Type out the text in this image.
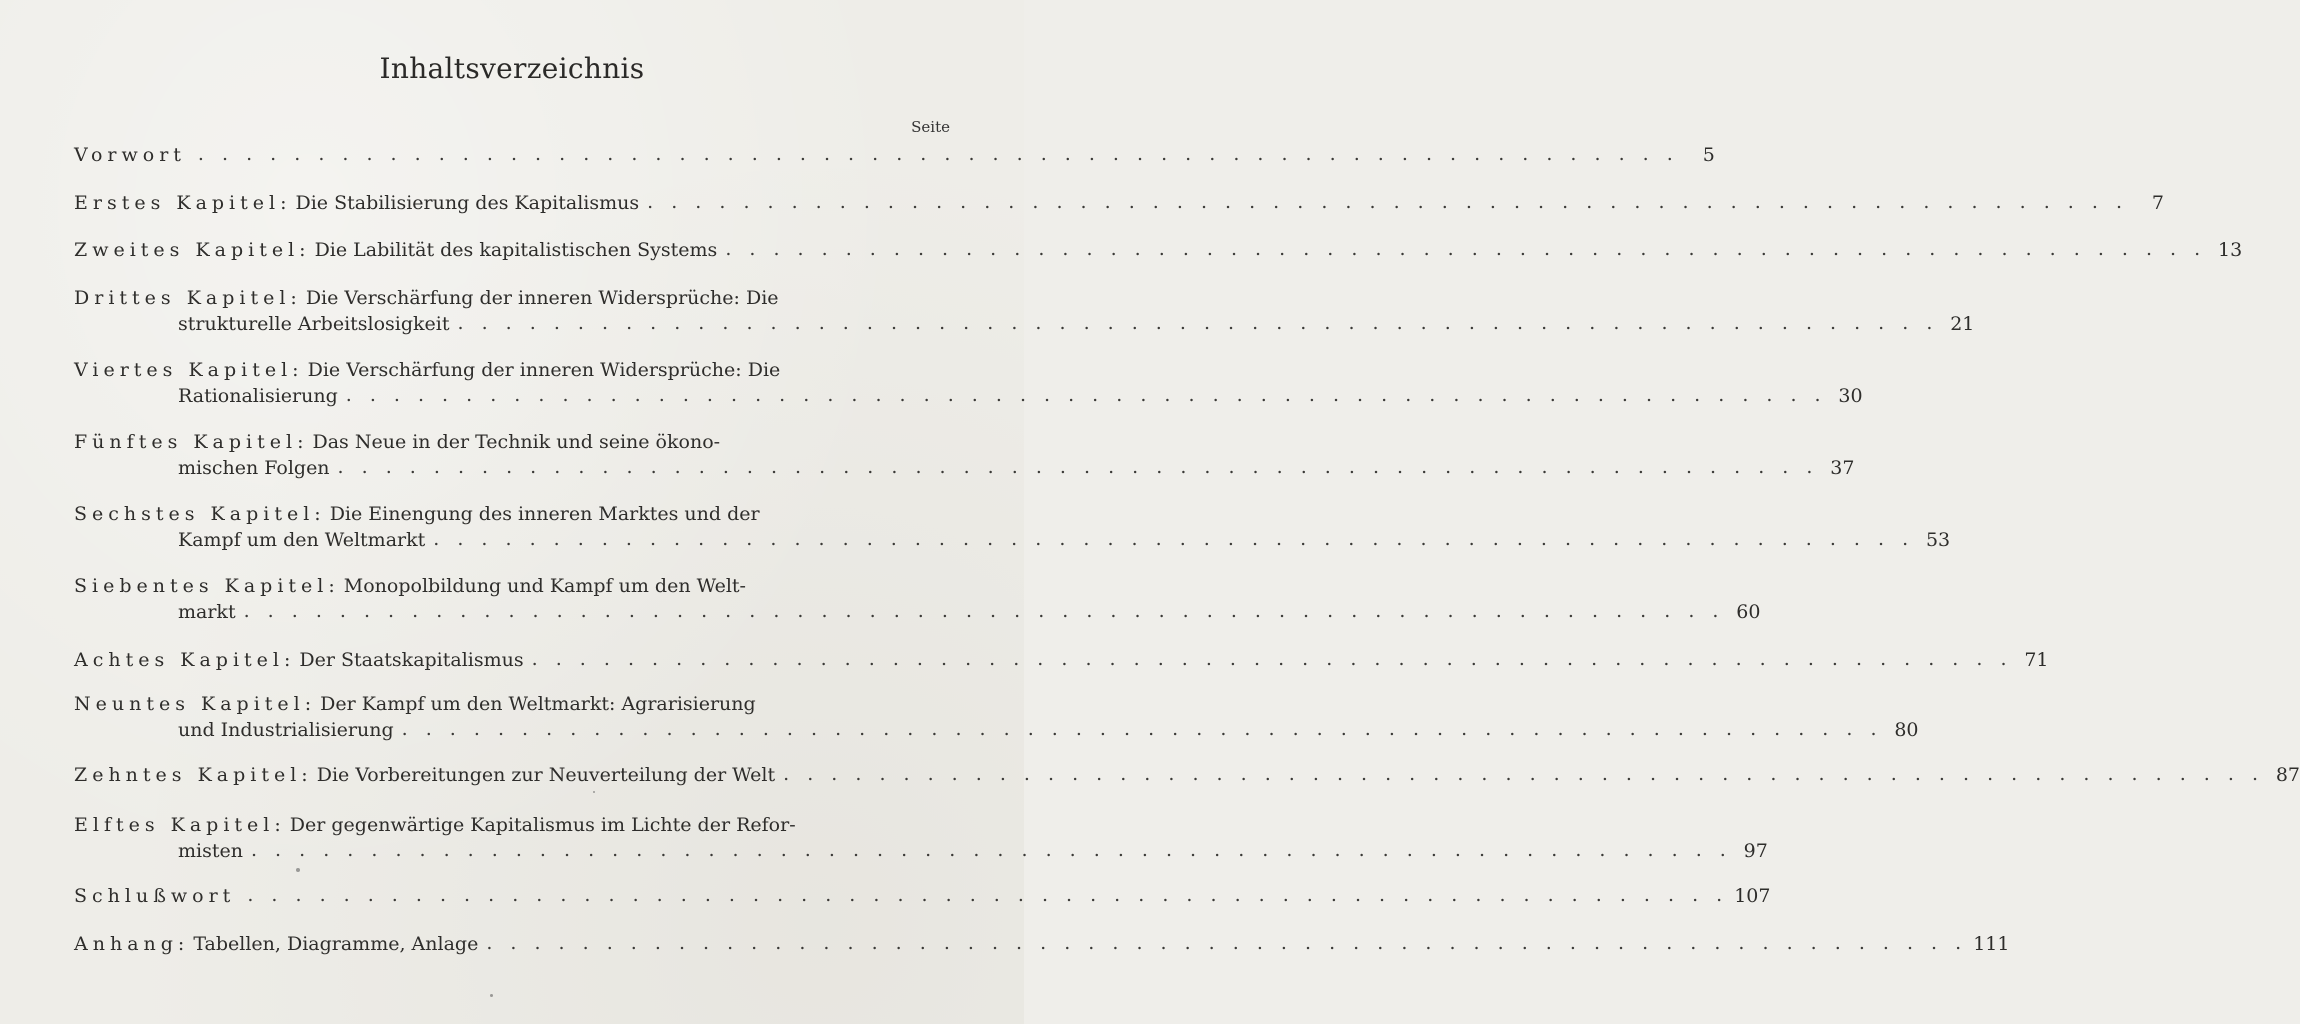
Inhaltsverzeichnis
Seite
Vorwort . . .	5
Erstes Kapitel: Die Stabilisierung des Kapitalismus . . .	7
Zweites Kapitel: Die Labilität des kapitalistischen Systems . . .	13
Drittes Kapitel: Die Verschärfung der inneren Widersprüche: Die
strukturelle Arbeitslosigkeit . . .	21
Viertes Kapitel: Die Verschärfung der inneren Widersprüche: Die
Rationalisierung . . .	30
Fünftes Kapitel: Das Neue in der Technik und seine ökono-
mischen Folgen . . .	37
Sechstes Kapitel: Die Einengung des inneren Marktes und der
Kampf um den Weltmarkt . . .	53
Siebentes Kapitel: Monopolbildung und Kampf um den Welt-
markt . . .	60
Achtes Kapitel: Der Staatskapitalismus . . .	71
Neuntes Kapitel: Der Kampf um den Weltmarkt: Agrarisierung
und Industrialisierung . . .	80
Zehntes Kapitel: Die Vorbereitungen zur Neuverteilung der Welt . . .	87
Elftes Kapitel: Der gegenwärtige Kapitalismus im Lichte der Refor-
misten . . .	97
Schlußwort . . .	107
Anhang: Tabellen, Diagramme, Anlage . . .	111
